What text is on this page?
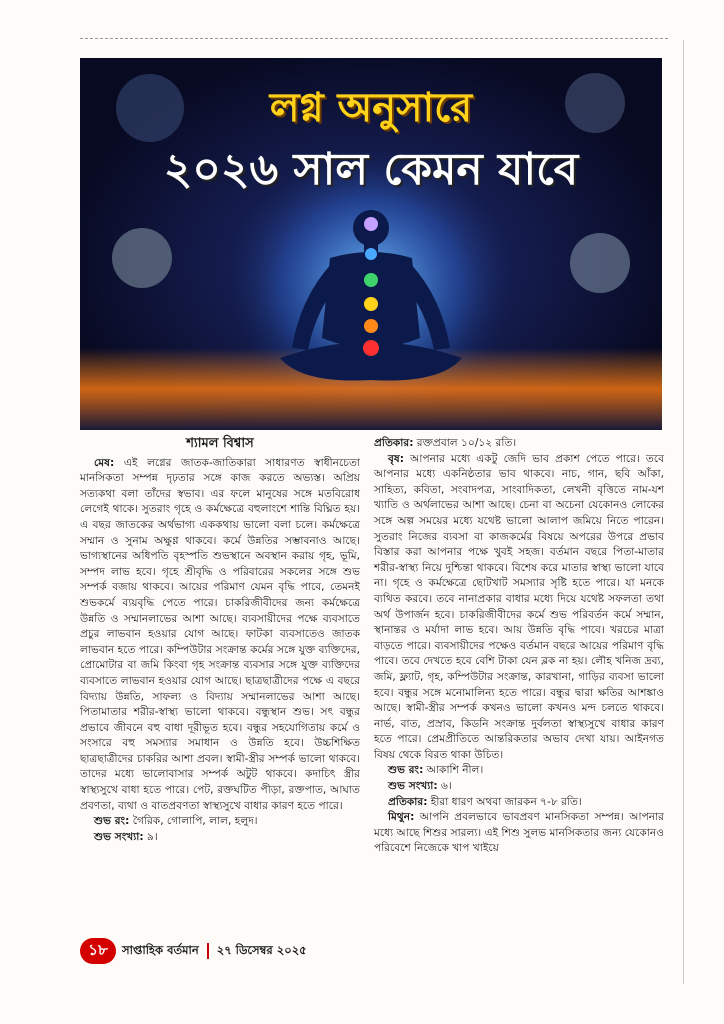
লগ্ন অনুসারে
২০২৬ সাল কেমন যাবে

শ্যামল বিশ্বাস

মেষ: এই লগ্নের জাতক-জাতিকারা সাধারণত স্বাধীনচেতা মানসিকতা সম্পন্ন দৃঢ়তার সঙ্গে কাজ করতে অভ্যস্ত। অপ্রিয় সত্যকথা বলা তাঁদের স্বভাব। এর ফলে মানুষের সঙ্গে মতবিরোধ লেগেই থাকে। সুতরাং গৃহে ও কর্মক্ষেত্রে বহুলাংশে শান্তি বিঘ্নিত হয়। এ বছর জাতকের অর্থভাগ্য এককথায় ভালো বলা চলে। কর্মক্ষেত্রে সম্মান ও সুনাম অক্ষুণ্ণ থাকবে। কর্মে উন্নতির সম্ভাবনাও আছে। ভাগ্যস্থানের অধিপতি বৃহস্পতি শুভস্থানে অবস্থান করায় গৃহ, ভূমি, সম্পদ লাভ হবে। গৃহে শ্রীবৃদ্ধি ও পরিবারের সকলের সঙ্গে শুভ সম্পর্ক বজায় থাকবে। আয়ের পরিমাণ যেমন বৃদ্ধি পাবে, তেমনই শুভকর্মে ব্যয়বৃদ্ধি পেতে পারে। চাকরিজীবীদের জন্য কর্মক্ষেত্রে উন্নতি ও সম্মানলাভের আশা আছে। ব্যবসায়ীদের পক্ষে ব্যবসাতে প্রচুর লাভবান হওয়ার যোগ আছে। ফাটকা ব্যবসাতেও জাতক লাভবান হতে পারে। কম্পিউটার সংক্রান্ত কর্মের সঙ্গে যুক্ত ব্যক্তিদের, প্রোমোটার বা জমি কিংবা গৃহ সংক্রান্ত ব্যবসার সঙ্গে যুক্ত ব্যক্তিদের ব্যবসাতে লাভবান হওয়ার যোগ আছে। ছাত্রছাত্রীদের পক্ষে এ বছরে বিদ্যায় উন্নতি, সাফল্য ও বিদ্যায় সম্মানলাভের আশা আছে। পিতামাতার শরীর-স্বাস্থ্য ভালো থাকবে। বন্ধুস্থান শুভ। সৎ বন্ধুর প্রভাবে জীবনে বহু বাধা দূরীভূত হবে। বন্ধুর সহযোগিতায় কর্মে ও সংসারে বহু সমস্যার সমাধান ও উন্নতি হবে। উচ্চশিক্ষিত ছাত্রছাত্রীদের চাকরির আশা প্রবল। স্বামী-স্ত্রীর সম্পর্ক ভালো থাকবে। তাদের মধ্যে ভালোবাসার সম্পর্ক অটুট থাকবে। কদাচিৎ স্ত্রীর স্বাস্থ্যসুখে বাধা হতে পারে। পেট, রক্তঘটিত পীড়া, রক্তপাত, আঘাত প্রবণতা, ব্যথা ও বাতপ্রবণতা স্বাস্থ্যসুখে বাধার কারণ হতে পারে।

শুভ রং: গৈরিক, গোলাপি, লাল, হলুদ।

শুভ সংখ্যা: ৯।

প্রতিকার: রক্তপ্রবাল ১০/১২ রতি।

বৃষ: আপনার মধ্যে একটু জেদি ভাব প্রকাশ পেতে পারে। তবে আপনার মধ্যে একনিষ্ঠতার ভাব থাকবে। নাচ, গান, ছবি আঁকা, সাহিত্য, কবিতা, সংবাদপত্র, সাংবাদিকতা, লেখনী বৃত্তিতে নাম-যশ খ্যাতি ও অর্থলাভের আশা আছে। চেনা বা অচেনা যেকোনও লোকের সঙ্গে অল্প সময়ের মধ্যে যথেষ্ট ভালো আলাপ জমিয়ে নিতে পারেন। সুতরাং নিজের ব্যবসা বা কাজকর্মের বিষয়ে অপরের উপরে প্রভাব বিস্তার করা আপনার পক্ষে খুবই সহজ। বর্তমান বছরে পিতা-মাতার শরীর-স্বাস্থ্য নিয়ে দুশ্চিন্তা থাকবে। বিশেষ করে মাতার স্বাস্থ্য ভালো যাবে না। গৃহে ও কর্মক্ষেত্রে ছোটখাট সমস্যার সৃষ্টি হতে পারে। যা মনকে ব্যথিত করবে। তবে নানাপ্রকার বাধার মধ্যে দিয়ে যথেষ্ট সফলতা তথা অর্থ উপার্জন হবে। চাকরিজীবীদের কর্মে শুভ পরিবর্তন কর্মে সম্মান, স্থানান্তর ও মর্যাদা লাভ হবে। আয় উন্নতি বৃদ্ধি পাবে। খরচের মাত্রা বাড়তে পারে। ব্যবসায়ীদের পক্ষেও বর্তমান বছরে আয়ের পরিমাণ বৃদ্ধি পাবে। তবে দেখতে হবে বেশি টাকা যেন ব্লক না হয়। লৌহ খনিজ দ্রব্য, জমি, ফ্ল্যাট, গৃহ, কম্পিউটার সংক্রান্ত, কারখানা, গাড়ির ব্যবসা ভালো হবে। বন্ধুর সঙ্গে মনোমালিন্য হতে পারে। বন্ধুর দ্বারা ক্ষতির আশঙ্কাও আছে। স্বামী-স্ত্রীর সম্পর্ক কখনও ভালো কখনও মন্দ চলতে থাকবে। নার্ভ, বাত, প্রস্রাব, কিডনি সংক্রান্ত দুর্বলতা স্বাস্থ্যসুখে বাধার কারণ হতে পারে। প্রেমপ্রীতিতে আন্তরিকতার অভাব দেখা যায়। আইনগত বিষয় থেকে বিরত থাকা উচিত।

শুভ রং: আকাশি নীল।

শুভ সংখ্যা: ৬।

প্রতিকার: হীরা ধারণ অথবা জারকন ৭-৮ রতি।

মিথুন: আপনি প্রবলভাবে ভাবপ্রবণ মানসিকতা সম্পন্ন। আপনার মধ্যে আছে শিশুর সারল্য। এই শিশু সুলভ মানসিকতার জন্য যেকোনও পরিবেশে নিজেকে খাপ খাইয়ে

১৮	সাপ্তাহিক বর্তমান ২৭ ডিসেম্বর ২০২৫
